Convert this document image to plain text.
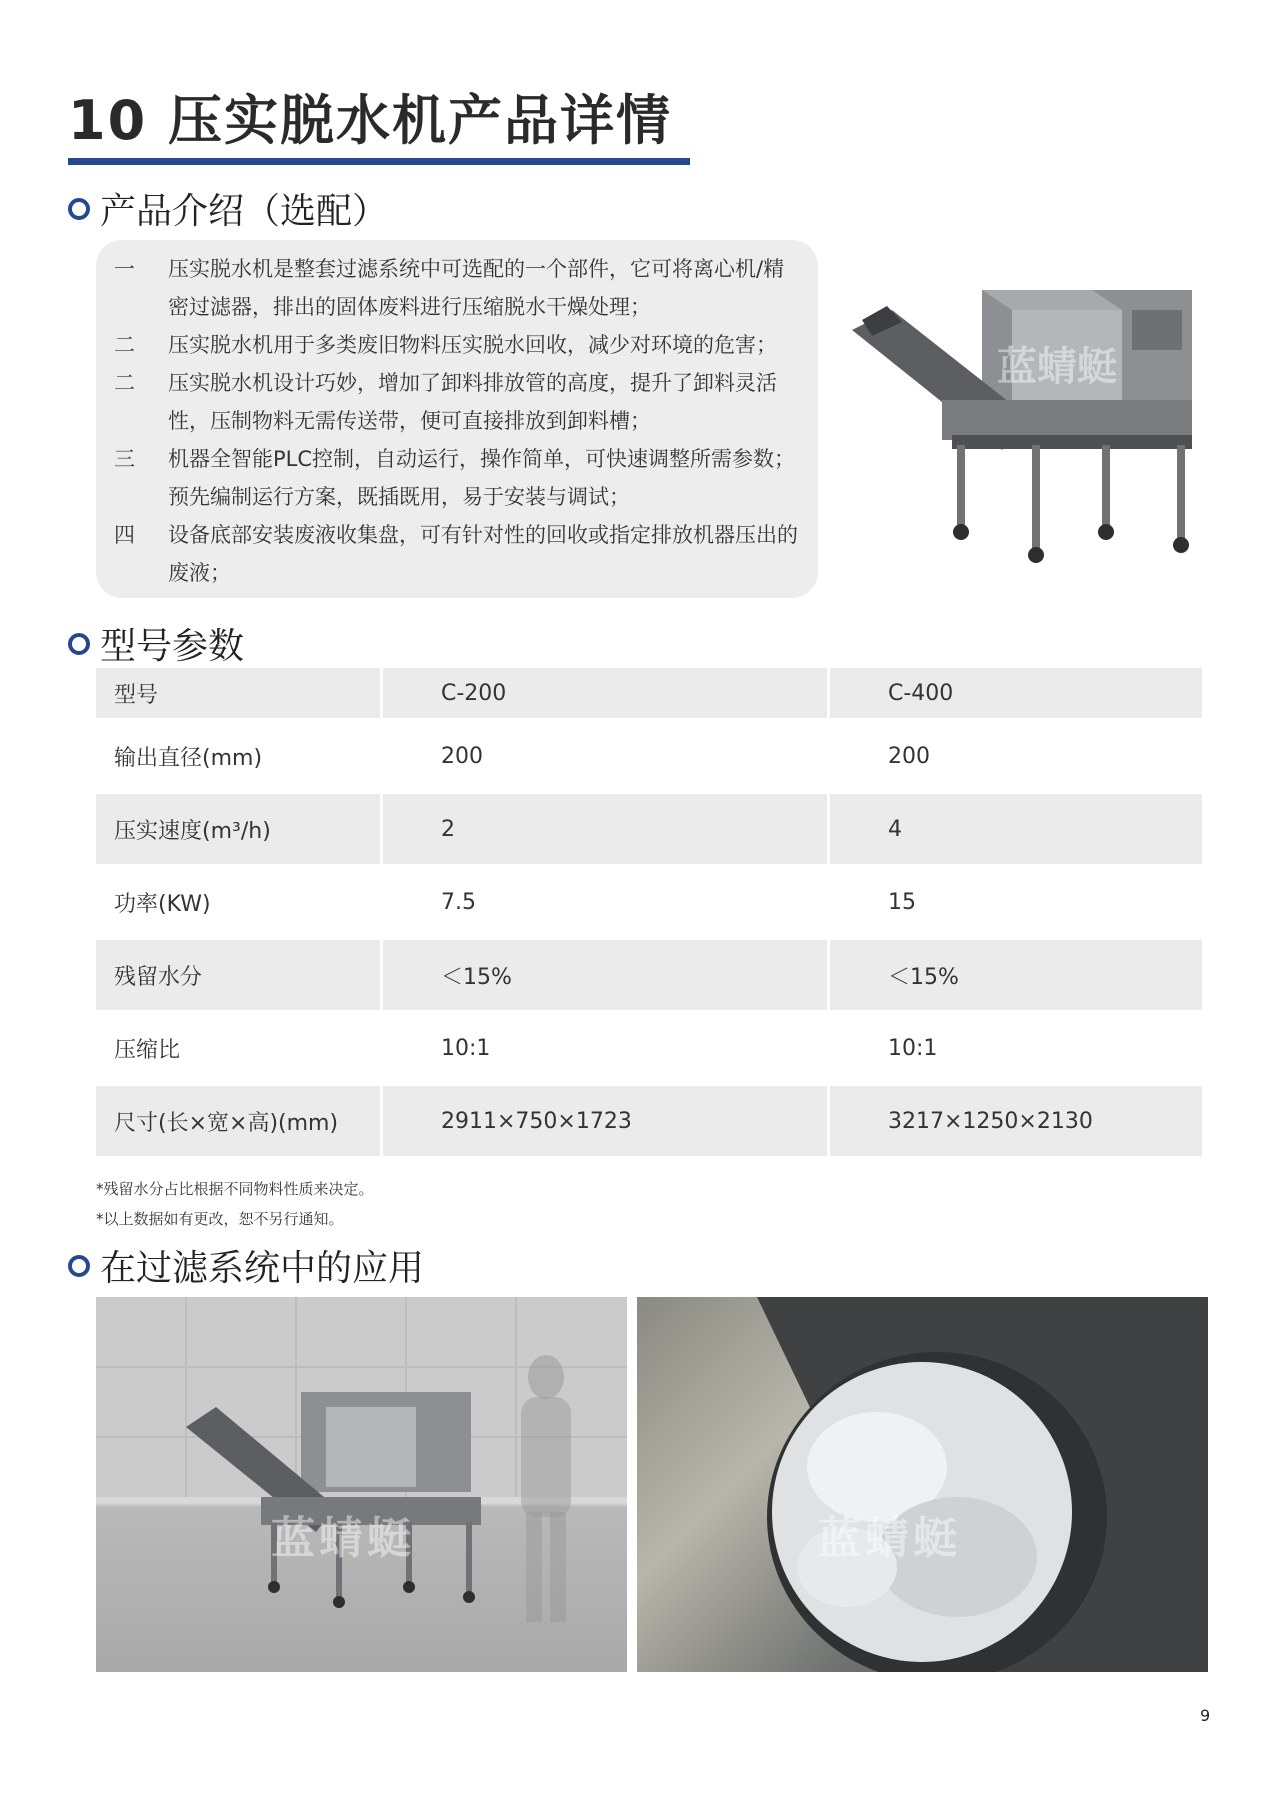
10 压实脱水机产品详情
产品介绍（选配）
一	压实脱水机是整套过滤系统中可选配的一个部件，它可将离心机/精密过滤器，排出的固体废料进行压缩脱水干燥处理；
二	压实脱水机用于多类废旧物料压实脱水回收，减少对环境的危害；
二	压实脱水机设计巧妙，增加了卸料排放管的高度，提升了卸料灵活性，压制物料无需传送带，便可直接排放到卸料槽；
三	机器全智能PLC控制，自动运行，操作简单，可快速调整所需参数；预先编制运行方案，既插既用，易于安装与调试；
四	设备底部安装废液收集盘，可有针对性的回收或指定排放机器压出的废液；
蓝蜻蜓
型号参数
型号	C-200	C-400
输出直径(mm)	200	200
压实速度(m³/h)	2	4
功率(KW)	7.5	15
残留水分	＜15%	＜15%
压缩比	10:1	10:1
尺寸(长×宽×高)(mm)	2911×750×1723	3217×1250×2130
*残留水分占比根据不同物料性质来决定。
*以上数据如有更改，恕不另行通知。
在过滤系统中的应用
蓝蜻蜓	蓝蜻蜓
9
